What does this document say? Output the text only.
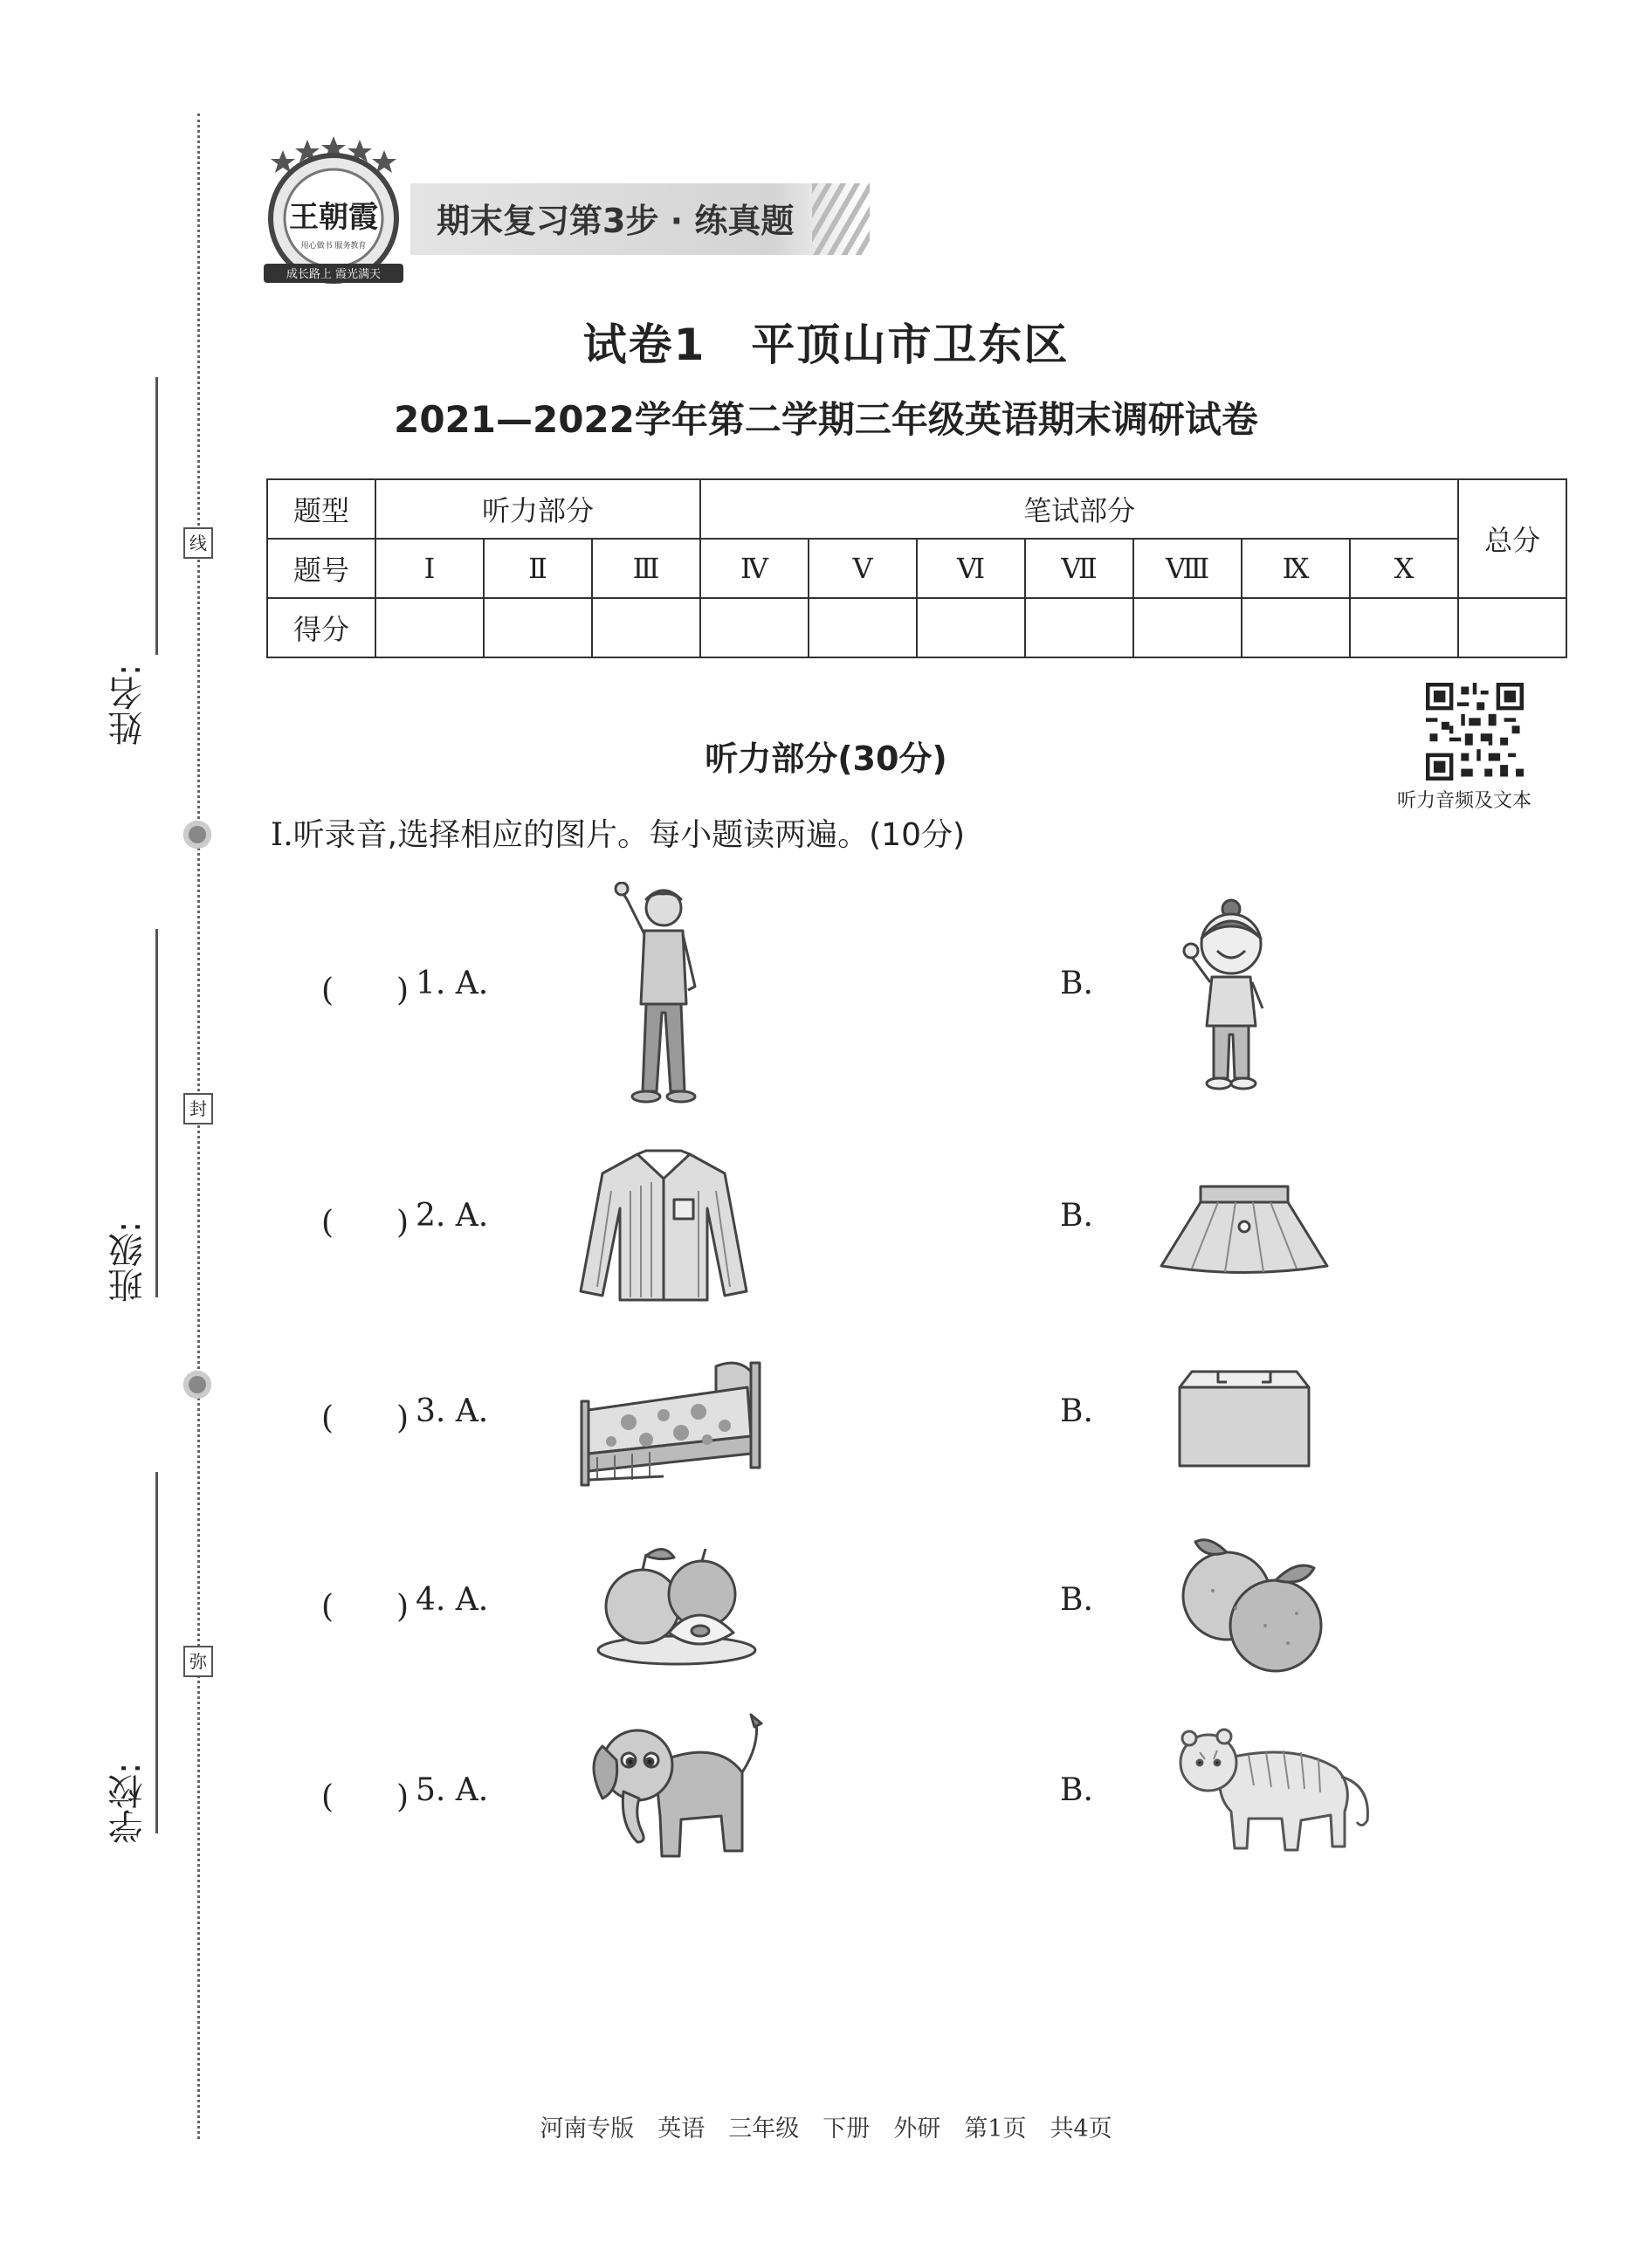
线
封
弥
姓名:
班级:
学校:
王朝霞
用心做书 服务教育
成长路上 霞光满天
期末复习第3步 · 练真题
试卷1　平顶山市卫东区
2021—2022学年第二学期三年级英语期末调研试卷
题型	听力部分			笔试部分							总分
题号	Ⅰ	Ⅱ	Ⅲ	Ⅳ	Ⅴ	Ⅵ	Ⅶ	Ⅷ	Ⅸ	Ⅹ	
得分											
听力音频及文本
听力部分(30分)
Ⅰ.听录音,选择相应的图片。每小题读两遍。(10分)
(　　) 1. A.	B.
(　　) 2. A.	B.
(　　) 3. A.	B.
(　　) 4. A.	B.
(　　) 5. A.	B.
河南专版　英语　三年级　下册　外研　第1页　共4页
